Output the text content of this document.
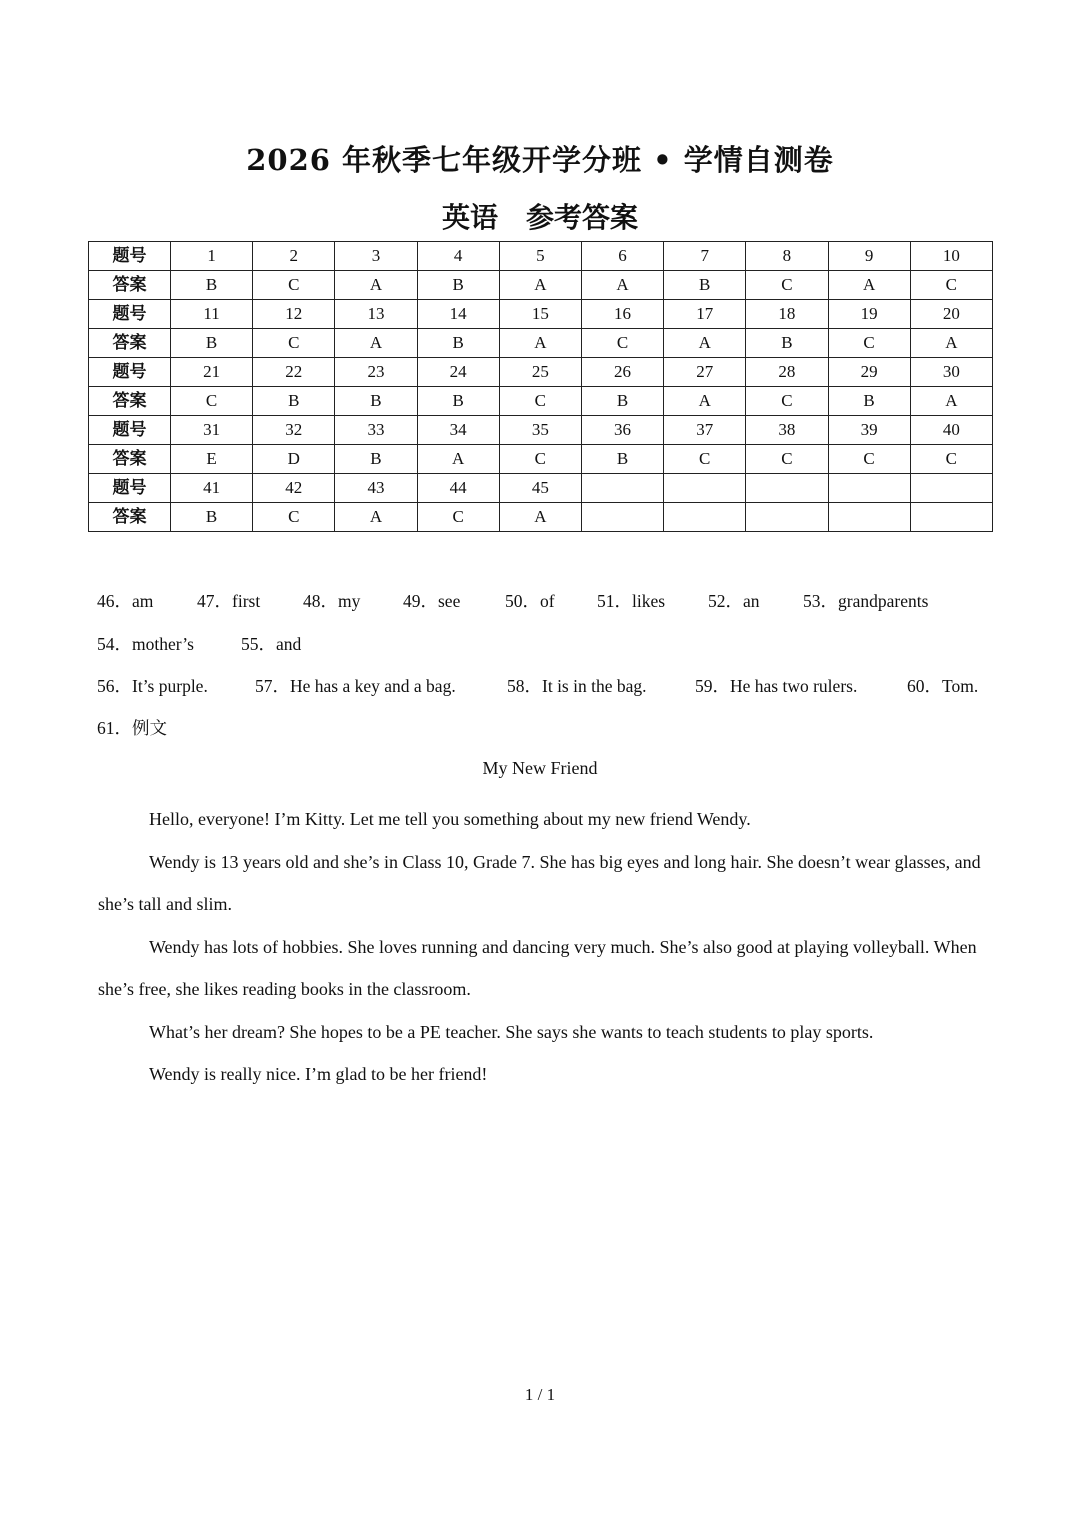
2026 年秋季七年级开学分班 • 学情自测卷
英语 参考答案
题号	1	2	3	4	5	6	7	8	9	10
答案	B	C	A	B	A	A	B	C	A	C
题号	11	12	13	14	15	16	17	18	19	20
答案	B	C	A	B	A	C	A	B	C	A
题号	21	22	23	24	25	26	27	28	29	30
答案	C	B	B	B	C	B	A	C	B	A
题号	31	32	33	34	35	36	37	38	39	40
答案	E	D	B	A	C	B	C	C	C	C
题号	41	42	43	44	45					
答案	B	C	A	C	A					
46．am 47．first 48．my 49．see	50．of 51．likes 52．an 53．grandparents
54．mother’s	55．and
56．It’s purple.	57．He has a key and a bag.	58．It is in the bag.	59．He has two rulers.	60．Tom.
61．例文
My New Friend

Hello, everyone! I’m Kitty. Let me tell you something about my new friend Wendy.

Wendy is 13 years old and she’s in Class 10, Grade 7. She has big eyes and long hair. She doesn’t wear glasses, and she’s tall and slim.

Wendy has lots of hobbies. She loves running and dancing very much. She’s also good at playing volleyball. When she’s free, she likes reading books in the classroom.

What’s her dream? She hopes to be a PE teacher. She says she wants to teach students to play sports.

Wendy is really nice. I’m glad to be her friend!

1 / 1
